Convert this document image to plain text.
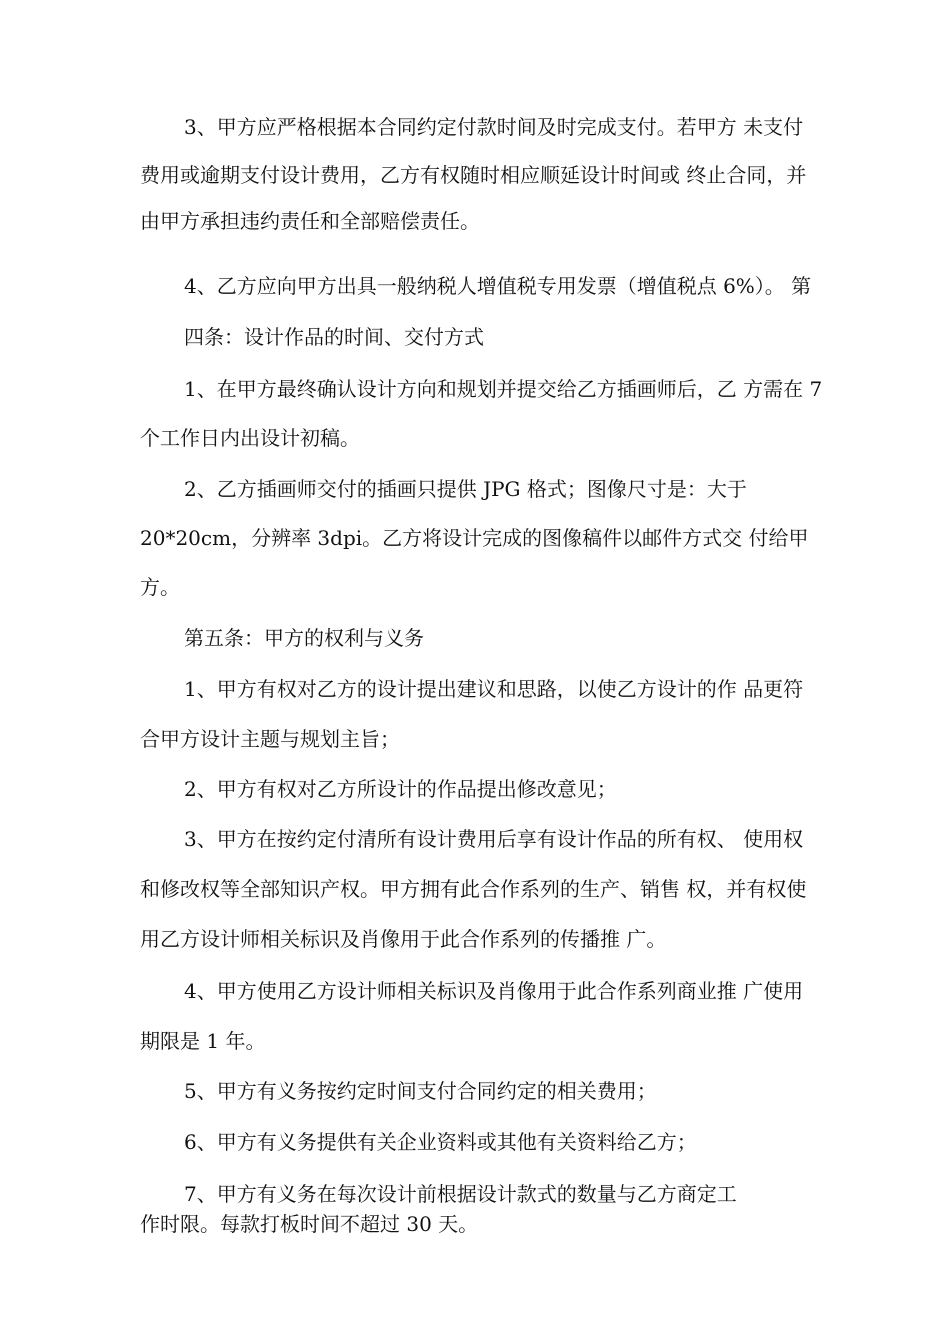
3、甲方应严格根据本合同约定付款时间及时完成支付。若甲方 未支付
费用或逾期支付设计费用，乙方有权随时相应顺延设计时间或 终止合同，并
由甲方承担违约责任和全部赔偿责任。
4、乙方应向甲方出具一般纳税人增值税专用发票（增值税点 6%）。 第
四条：设计作品的时间、交付方式
1、在甲方最终确认设计方向和规划并提交给乙方插画师后，乙 方需在 7
个工作日内出设计初稿。
2、乙方插画师交付的插画只提供 JPG 格式；图像尺寸是：大于
20*20cm，分辨率 3dpi。乙方将设计完成的图像稿件以邮件方式交 付给甲
方。
第五条：甲方的权利与义务
1、甲方有权对乙方的设计提出建议和思路，以使乙方设计的作 品更符
合甲方设计主题与规划主旨；
2、甲方有权对乙方所设计的作品提出修改意见；
3、甲方在按约定付清所有设计费用后享有设计作品的所有权、 使用权
和修改权等全部知识产权。甲方拥有此合作系列的生产、销售 权，并有权使
用乙方设计师相关标识及肖像用于此合作系列的传播推 广。
4、甲方使用乙方设计师相关标识及肖像用于此合作系列商业推 广使用
期限是 1 年。
5、甲方有义务按约定时间支付合同约定的相关费用；
6、甲方有义务提供有关企业资料或其他有关资料给乙方；
7、甲方有义务在每次设计前根据设计款式的数量与乙方商定工
作时限。每款打板时间不超过 30 天。
